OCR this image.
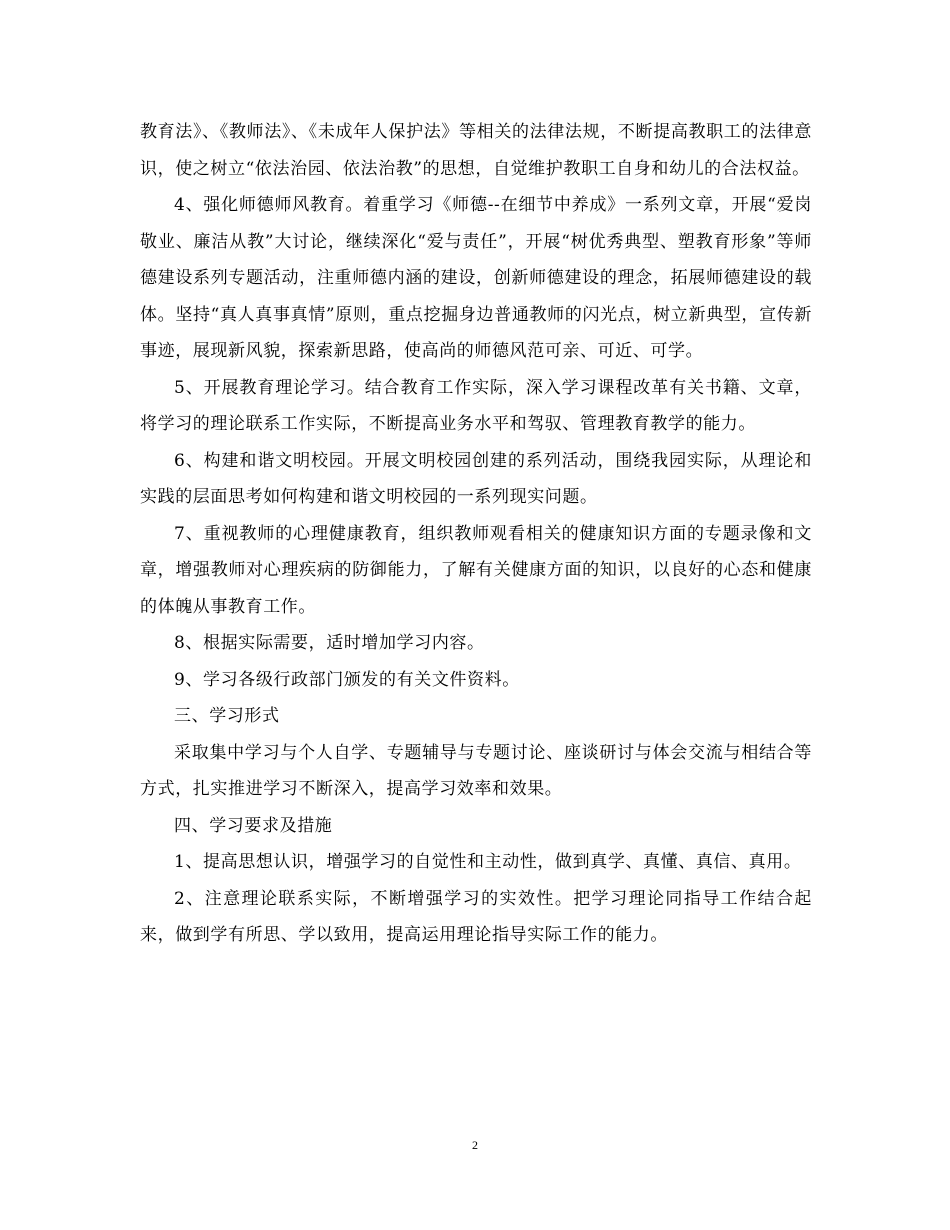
教育法》、《教师法》、《未成年人保护法》等相关的法律法规，不断提高教职工的法律意识，使之树立“依法治园、依法治教”的思想，自觉维护教职工自身和幼儿的合法权益。

4、强化师德师风教育。着重学习《师德--在细节中养成》一系列文章，开展“爱岗敬业、廉洁从教”大讨论，继续深化“爱与责任”，开展“树优秀典型、塑教育形象”等师德建设系列专题活动，注重师德内涵的建设，创新师德建设的理念，拓展师德建设的载体。坚持“真人真事真情”原则，重点挖掘身边普通教师的闪光点，树立新典型，宣传新事迹，展现新风貌，探索新思路，使高尚的师德风范可亲、可近、可学。

5、开展教育理论学习。结合教育工作实际，深入学习课程改革有关书籍、文章，将学习的理论联系工作实际，不断提高业务水平和驾驭、管理教育教学的能力。

6、构建和谐文明校园。开展文明校园创建的系列活动，围绕我园实际，从理论和实践的层面思考如何构建和谐文明校园的一系列现实问题。

7、重视教师的心理健康教育，组织教师观看相关的健康知识方面的专题录像和文章，增强教师对心理疾病的防御能力，了解有关健康方面的知识，以良好的心态和健康的体魄从事教育工作。

8、根据实际需要，适时增加学习内容。

9、学习各级行政部门颁发的有关文件资料。

三、学习形式

采取集中学习与个人自学、专题辅导与专题讨论、座谈研讨与体会交流与相结合等方式，扎实推进学习不断深入，提高学习效率和效果。

四、学习要求及措施

1、提高思想认识，增强学习的自觉性和主动性，做到真学、真懂、真信、真用。

2、注意理论联系实际，不断增强学习的实效性。把学习理论同指导工作结合起来，做到学有所思、学以致用，提高运用理论指导实际工作的能力。

2
